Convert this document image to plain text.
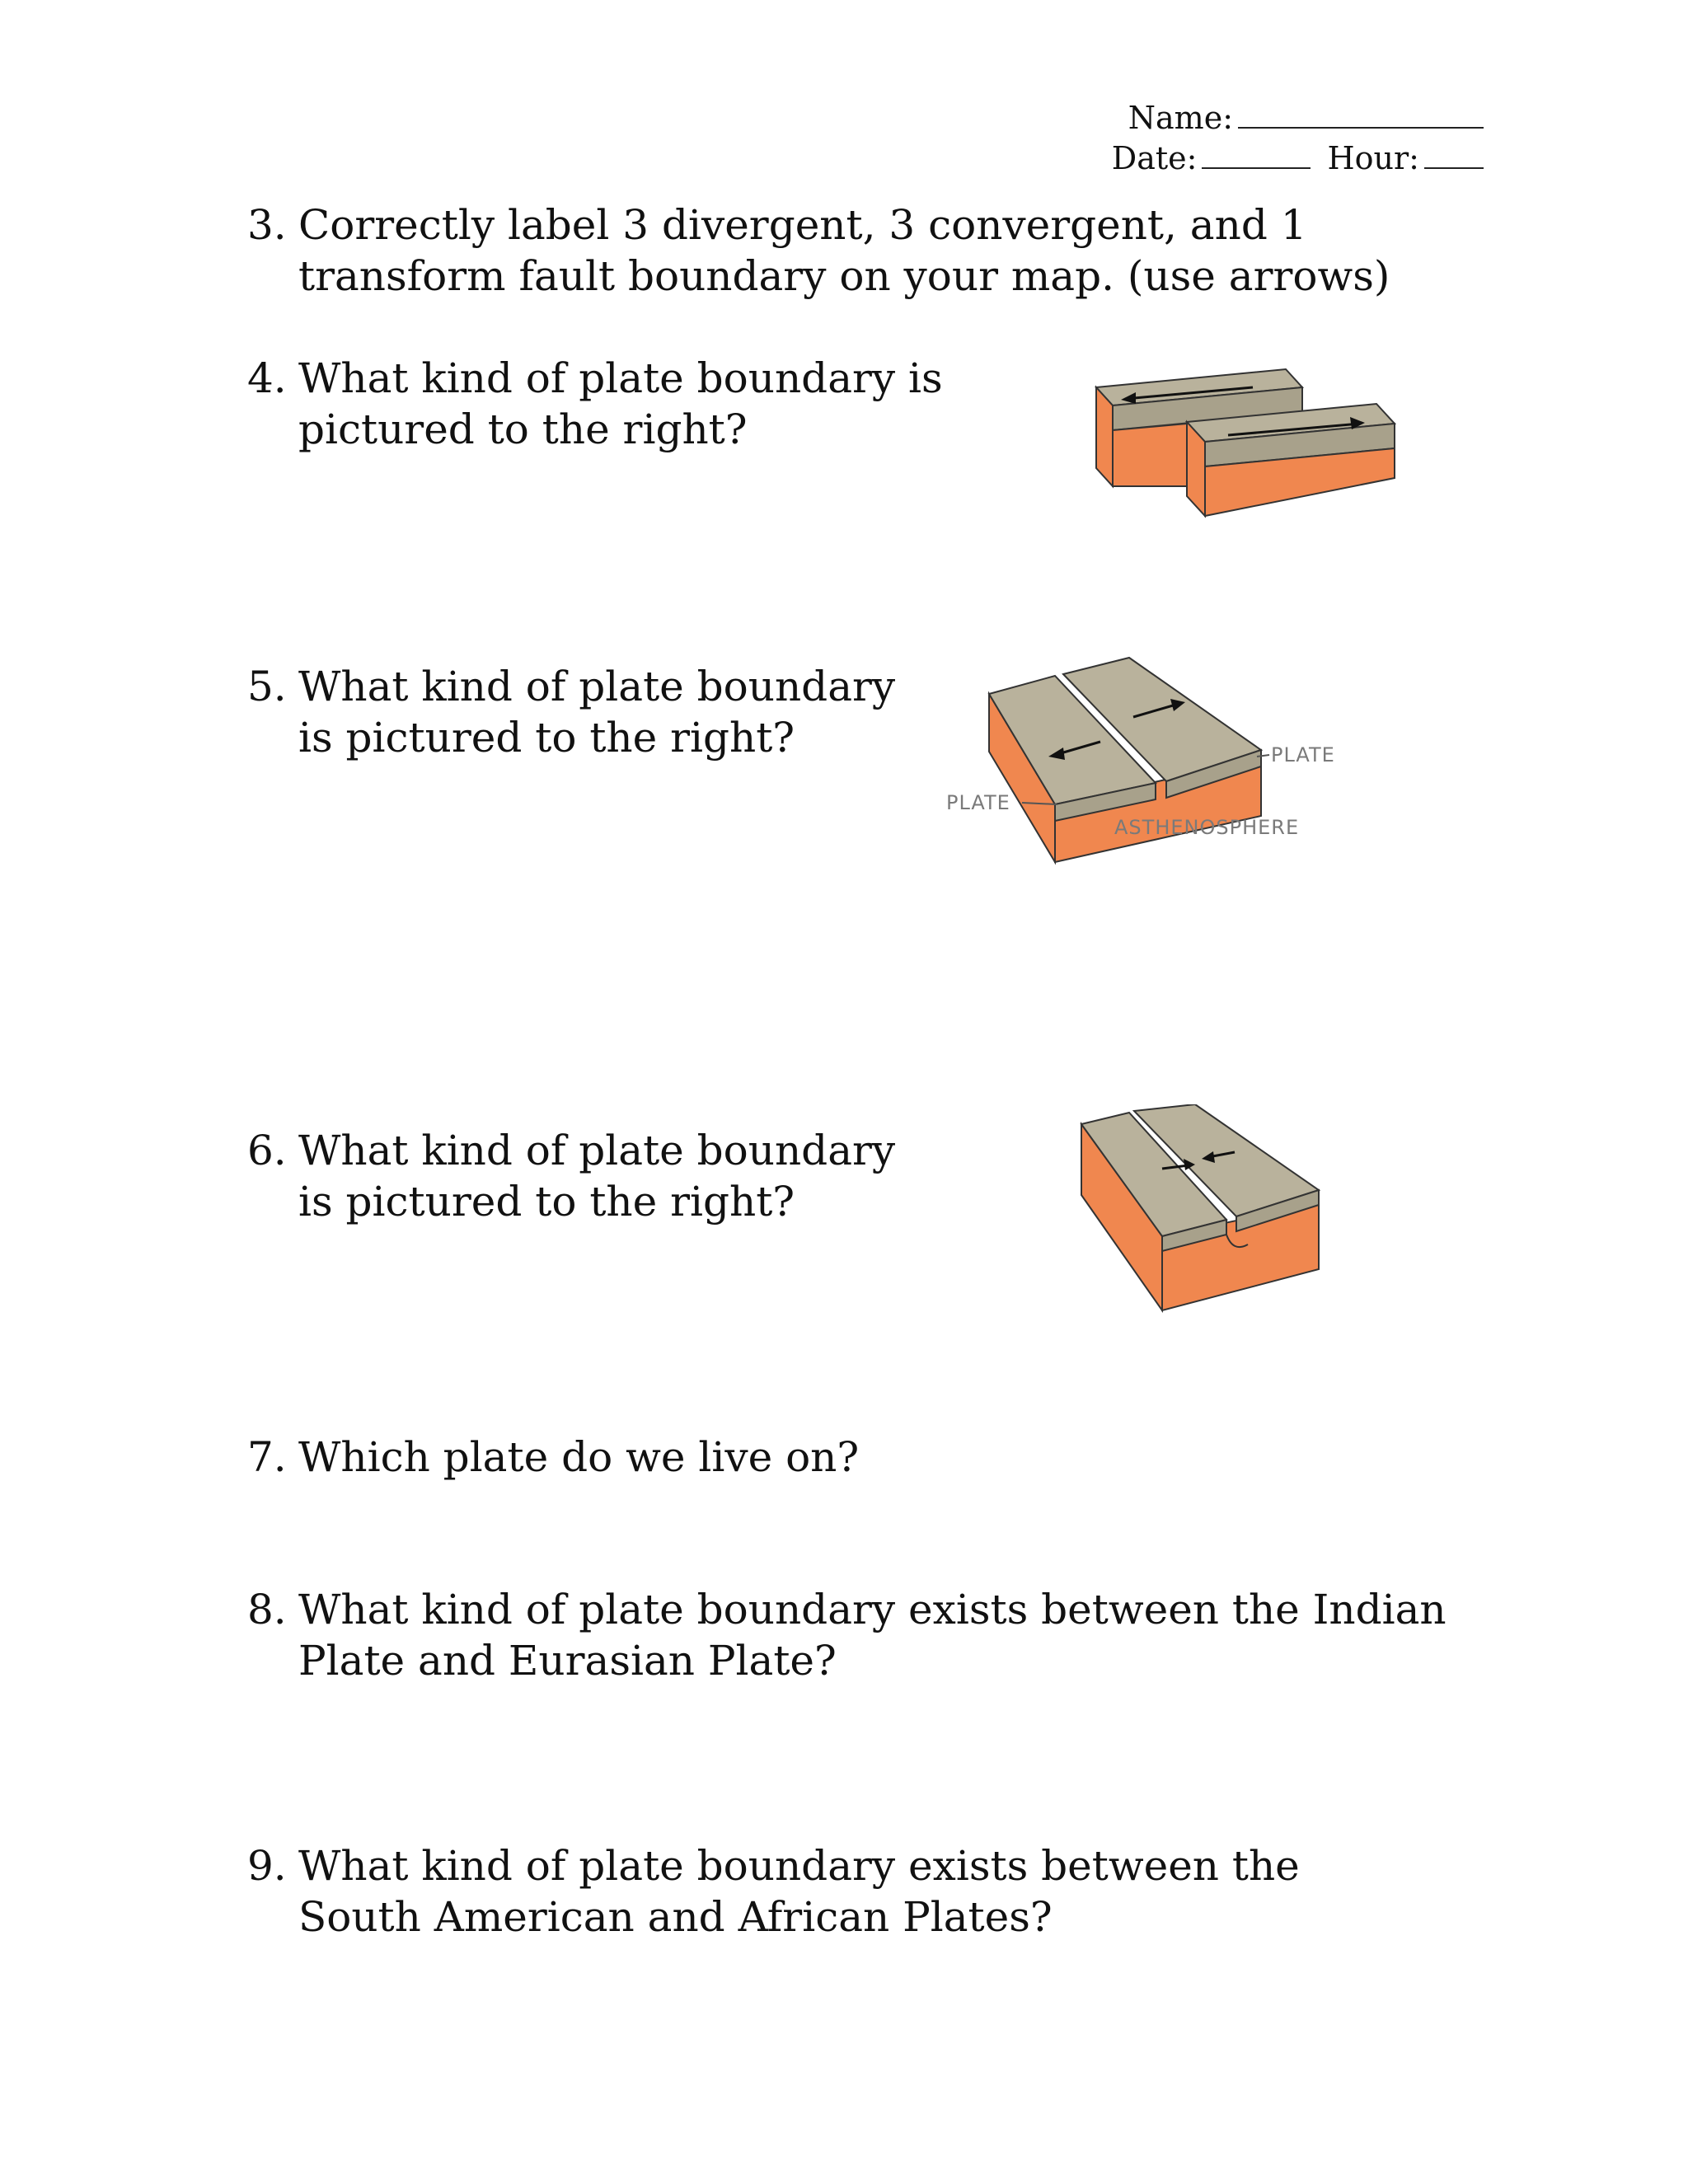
Name:
Date:	Hour:
3. Correctly label 3 divergent, 3 convergent, and 1 transform fault boundary on your map. (use arrows)
4. What kind of plate boundary is pictured to the right?
5. What kind of plate boundary is pictured to the right?	PLATE
PLATE
ASTHENOSPHERE
6. What kind of plate boundary is pictured to the right?
7. Which plate do we live on?
8. What kind of plate boundary exists between the Indian Plate and Eurasian Plate?
9. What kind of plate boundary exists between the South American and African Plates?
